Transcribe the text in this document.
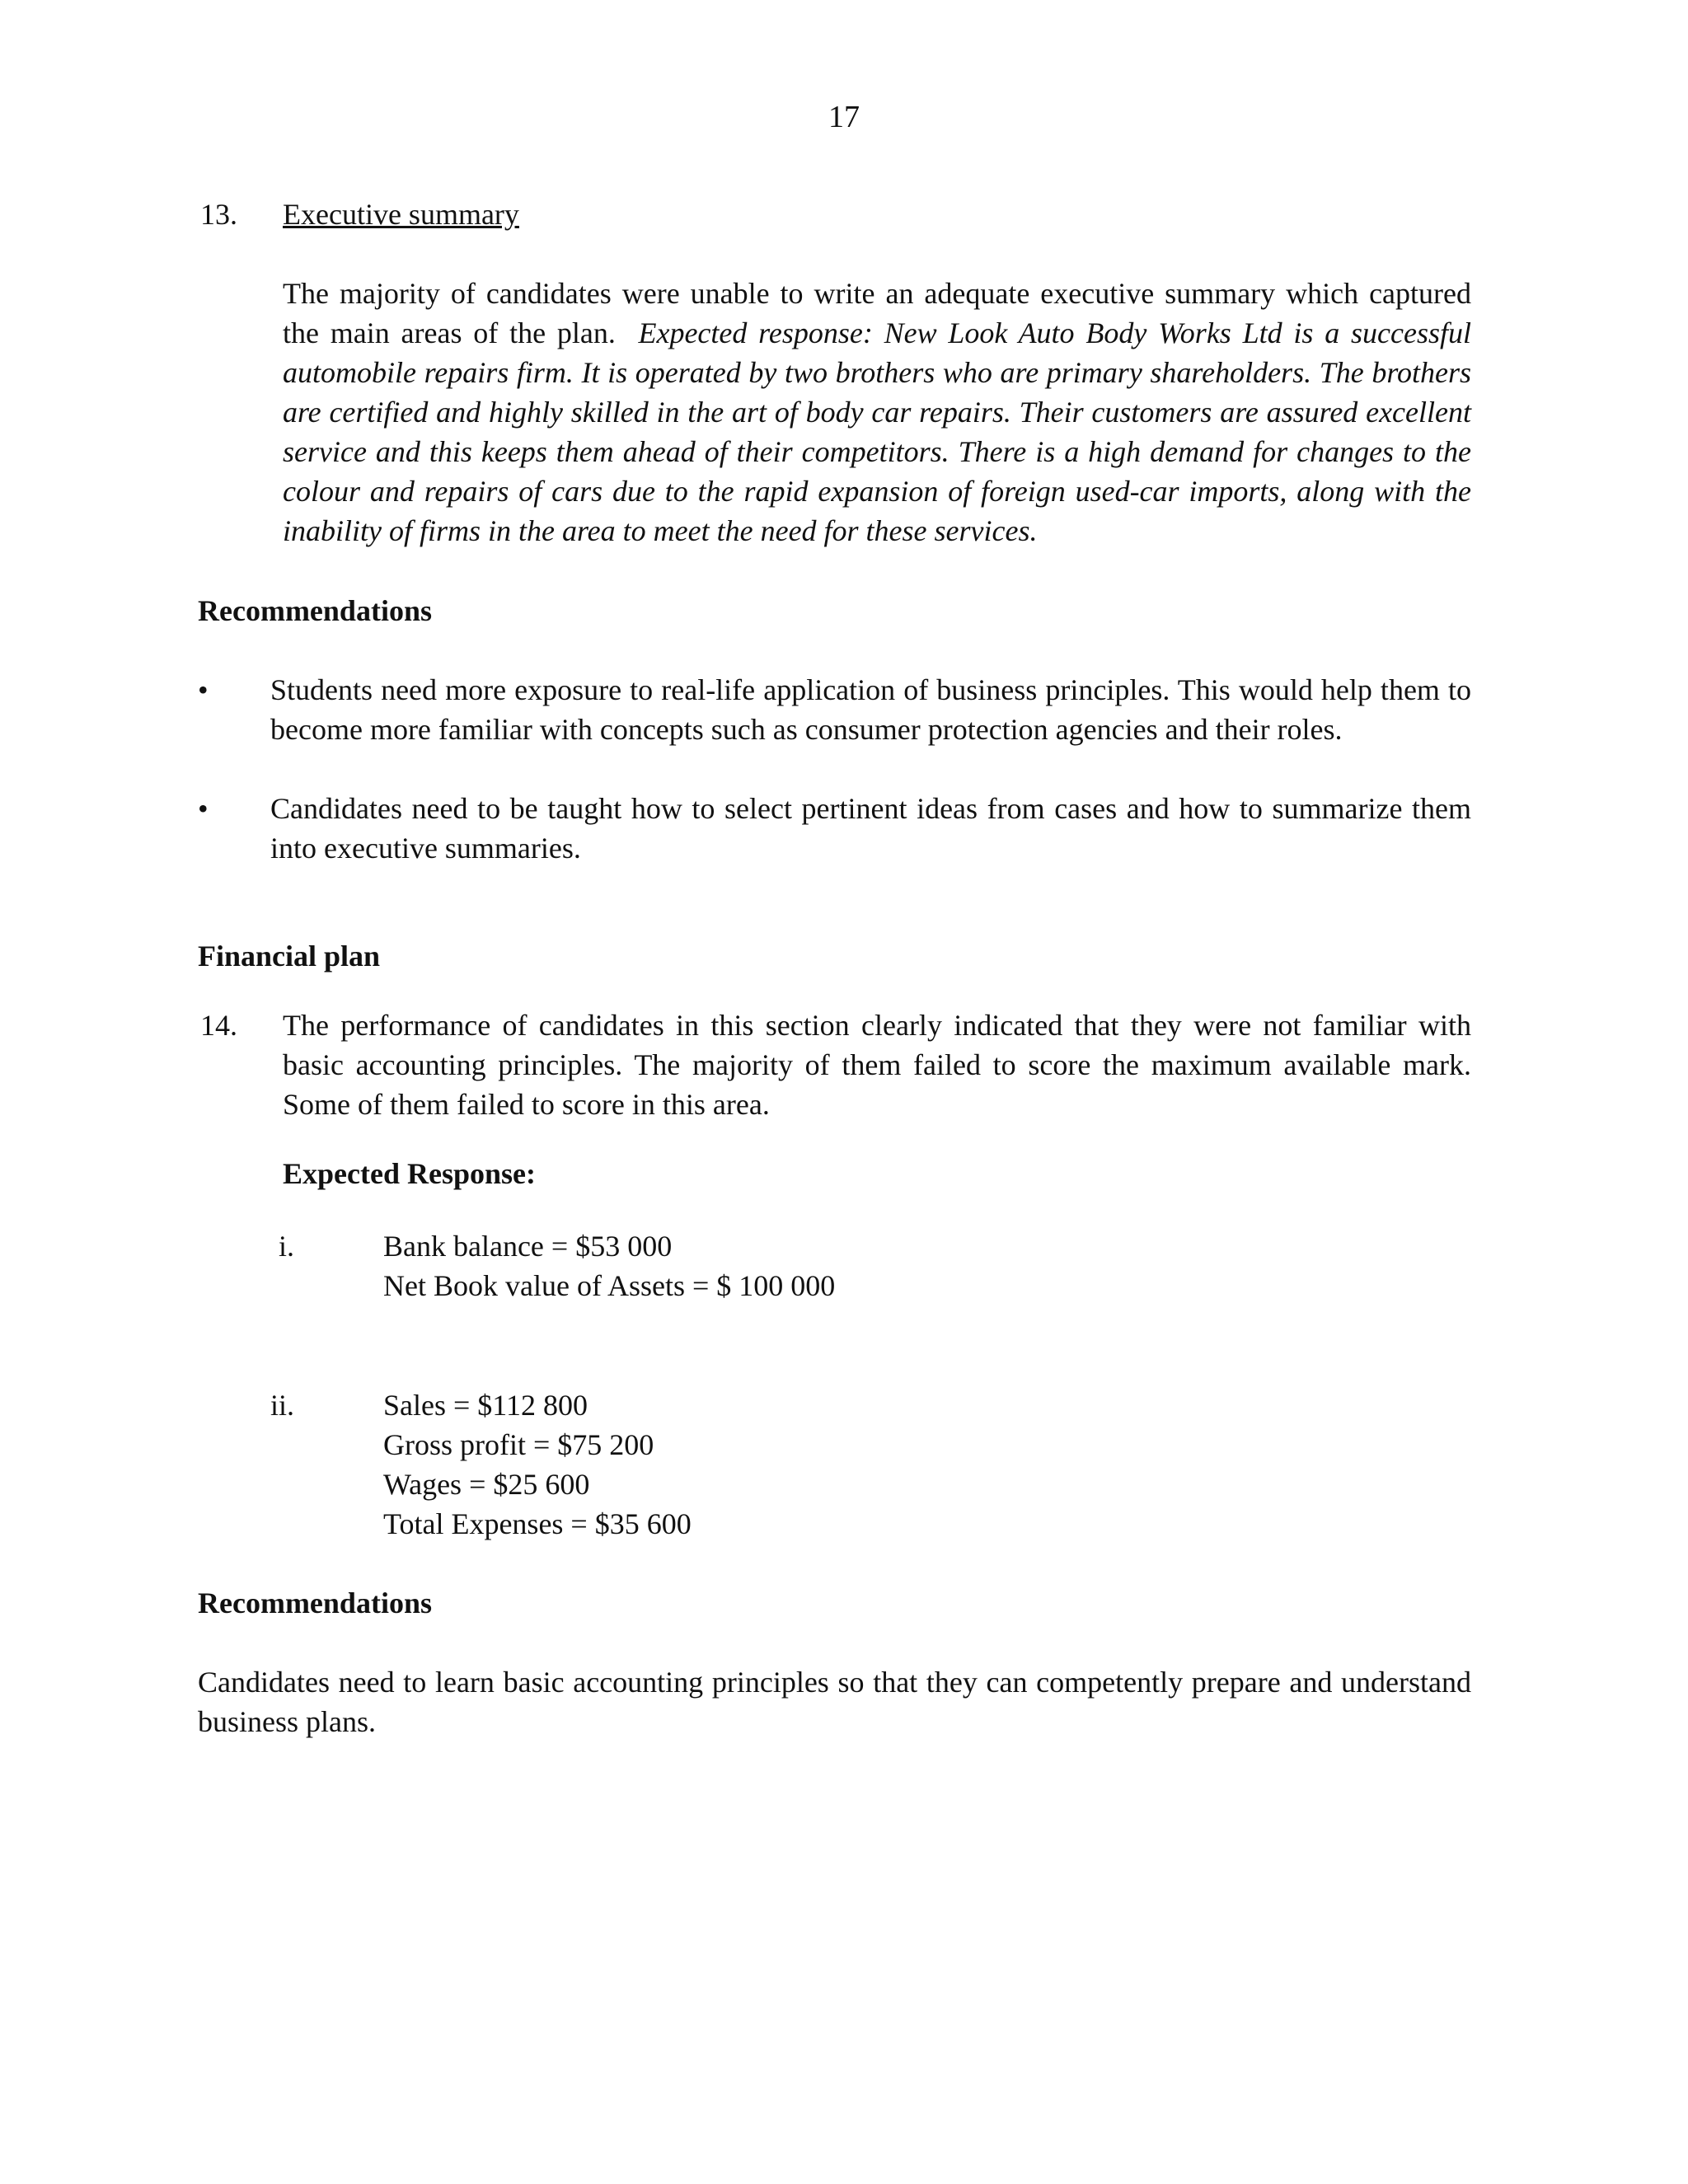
17
13. Executive summary
The majority of candidates were unable to write an adequate executive summary which captured the main areas of the plan. Expected response: New Look Auto Body Works Ltd is a successful automobile repairs firm. It is operated by two brothers who are primary shareholders. The brothers are certified and highly skilled in the art of body car repairs. Their customers are assured excellent service and this keeps them ahead of their competitors. There is a high demand for changes to the colour and repairs of cars due to the rapid expansion of foreign used-car imports, along with the inability of firms in the area to meet the need for these services.
Recommendations
• Students need more exposure to real-life application of business principles. This would help them to become more familiar with concepts such as consumer protection agencies and their roles.
• Candidates need to be taught how to select pertinent ideas from cases and how to summarize them into executive summaries.
Financial plan
14. The performance of candidates in this section clearly indicated that they were not familiar with basic accounting principles. The majority of them failed to score the maximum available mark. Some of them failed to score in this area.
Expected Response:
i.	Bank balance = $53 000
Net Book value of Assets = $ 100 000
ii.	Sales = $112 800
Gross profit = $75 200
Wages = $25 600
Total Expenses = $35 600
Recommendations
Candidates need to learn basic accounting principles so that they can competently prepare and understand business plans.
